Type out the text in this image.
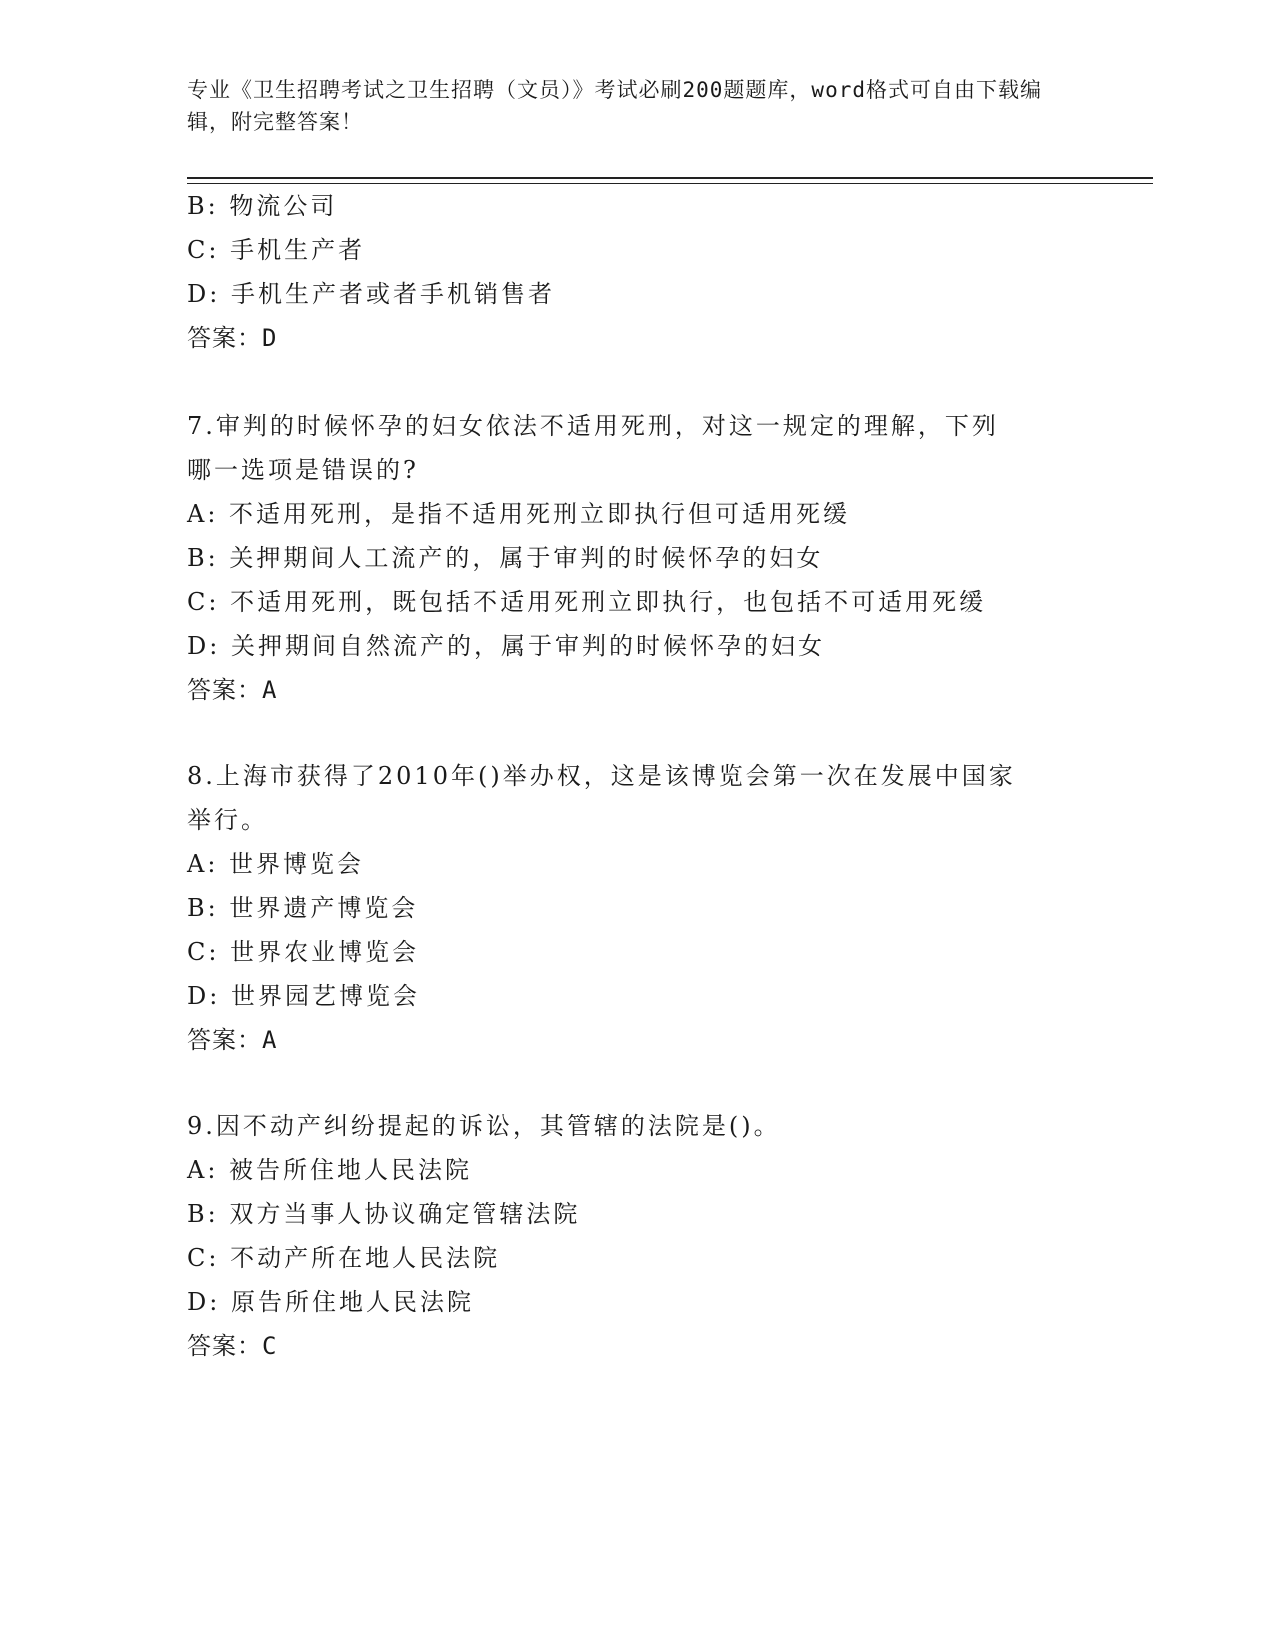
专业《卫生招聘考试之卫生招聘（文员）》考试必刷200题题库，word格式可自由下载编辑，附完整答案！

B: 物流公司
C: 手机生产者
D: 手机生产者或者手机销售者
答案：D
7.审判的时候怀孕的妇女依法不适用死刑，对这一规定的理解，下列
哪一选项是错误的?
A: 不适用死刑，是指不适用死刑立即执行但可适用死缓
B: 关押期间人工流产的，属于审判的时候怀孕的妇女
C: 不适用死刑，既包括不适用死刑立即执行，也包括不可适用死缓
D: 关押期间自然流产的，属于审判的时候怀孕的妇女
答案：A
8.上海市获得了2010年()举办权，这是该博览会第一次在发展中国家
举行。
A: 世界博览会
B: 世界遗产博览会
C: 世界农业博览会
D: 世界园艺博览会
答案：A
9.因不动产纠纷提起的诉讼，其管辖的法院是()。
A: 被告所住地人民法院
B: 双方当事人协议确定管辖法院
C: 不动产所在地人民法院
D: 原告所住地人民法院
答案：C
